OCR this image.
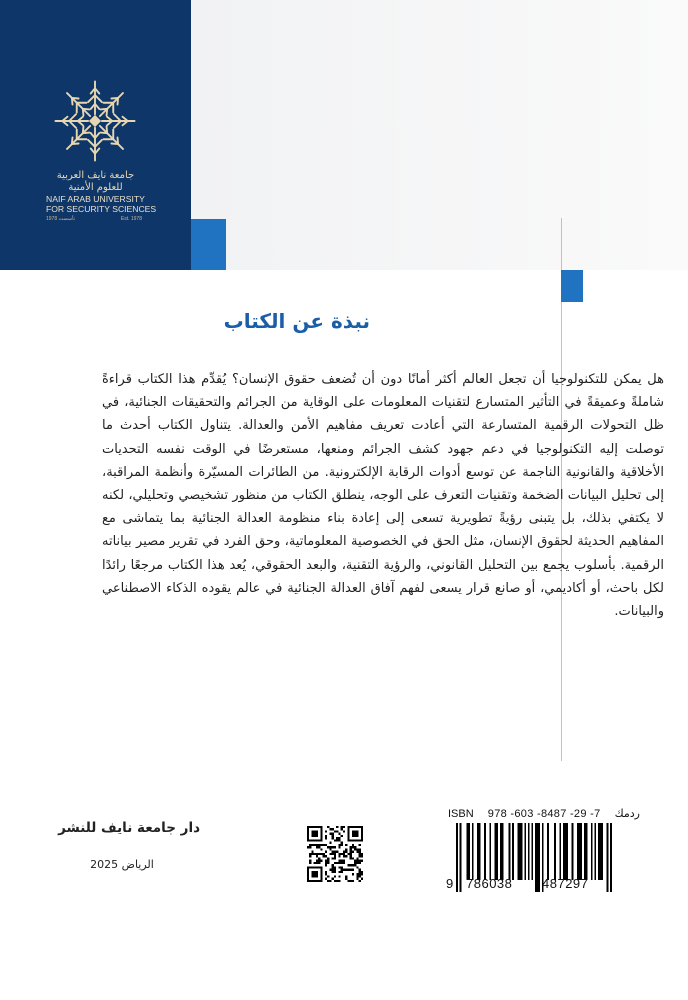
جامعة نايف العربية
للعلوم الأمنية
NAIF ARAB UNIVERSITY
FOR SECURITY SCIENCES
تأسست 1978	Est. 1978
نبذة عن الكتاب

هل يمكن للتكنولوجيا أن تجعل العالم أكثر أمانًا دون أن تُضعف حقوق الإنسان؟ يُقدِّم هذا الكتاب قراءةً شاملةً وعميقةً في التأثير المتسارع لتقنيات المعلومات على الوقاية من الجرائم والتحقيقات الجنائية، في ظل التحولات الرقمية المتسارعة التي أعادت تعريف مفاهيم الأمن والعدالة. يتناول الكتاب أحدث ما توصلت إليه التكنولوجيا في دعم جهود كشف الجرائم ومنعها، مستعرضًا في الوقت نفسه التحديات الأخلاقية والقانونية الناجمة عن توسع أدوات الرقابة الإلكترونية. من الطائرات المسيّرة وأنظمة المراقبة، إلى تحليل البيانات الضخمة وتقنيات التعرف على الوجه، ينطلق الكتاب من منظور تشخيصي وتحليلي، لكنه لا يكتفي بذلك، بل يتبنى رؤيةً تطويرية تسعى إلى إعادة بناء منظومة العدالة الجنائية بما يتماشى مع المفاهيم الحديثة لحقوق الإنسان، مثل الحق في الخصوصية المعلوماتية، وحق الفرد في تقرير مصير بياناته الرقمية. بأسلوب يجمع بين التحليل القانوني، والرؤية التقنية، والبعد الحقوقي، يُعد هذا الكتاب مرجعًا رائدًا لكل باحث، أو أكاديمي، أو صانع قرار يسعى لفهم آفاق العدالة الجنائية في عالم يقوده الذكاء الاصطناعي والبيانات.

دار جامعة نايف للنشر
الرياض 2025
ISBN 978 -603 -8487 -29 -7 ردمك
9 786038 487297
